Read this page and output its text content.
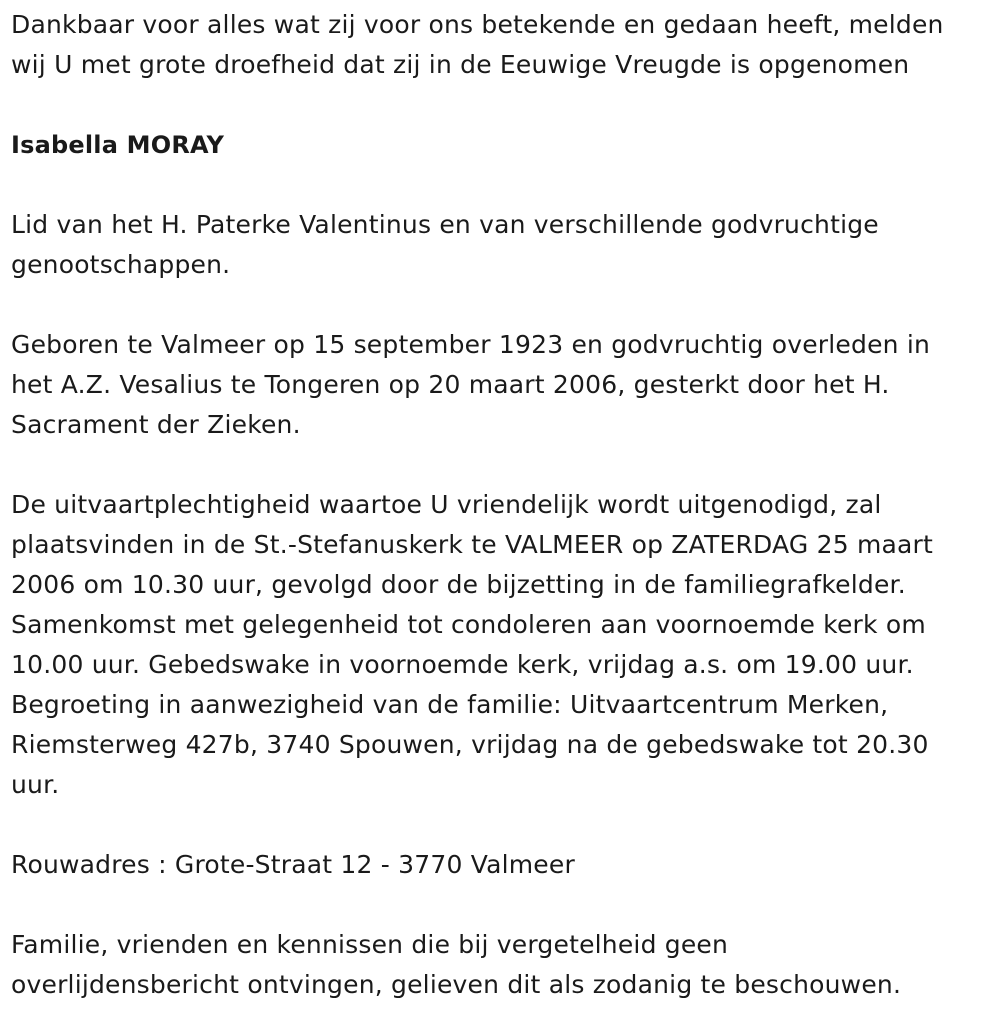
Dankbaar voor alles wat zij voor ons betekende en gedaan heeft, melden
wij U met grote droefheid dat zij in de Eeuwige Vreugde is opgenomen
Isabella MORAY
Lid van het H. Paterke Valentinus en van verschillende godvruchtige
genootschappen.
Geboren te Valmeer op 15 september 1923 en godvruchtig overleden in
het A.Z. Vesalius te Tongeren op 20 maart 2006, gesterkt door het H.
Sacrament der Zieken.
De uitvaartplechtigheid waartoe U vriendelijk wordt uitgenodigd, zal
plaatsvinden in de St.-Stefanuskerk te VALMEER op ZATERDAG 25 maart
2006 om 10.30 uur, gevolgd door de bijzetting in de familiegrafkelder.
Samenkomst met gelegenheid tot condoleren aan voornoemde kerk om
10.00 uur. Gebedswake in voornoemde kerk, vrijdag a.s. om 19.00 uur.
Begroeting in aanwezigheid van de familie: Uitvaartcentrum Merken,
Riemsterweg 427b, 3740 Spouwen, vrijdag na de gebedswake tot 20.30
uur.
Rouwadres : Grote-Straat 12 - 3770 Valmeer
Familie, vrienden en kennissen die bij vergetelheid geen
overlijdensbericht ontvingen, gelieven dit als zodanig te beschouwen.
